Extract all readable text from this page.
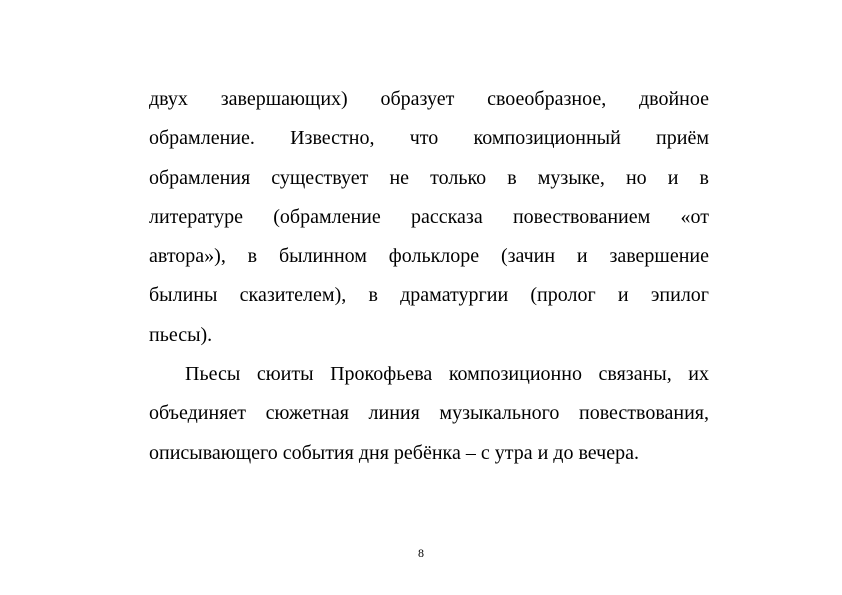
двух завершающих) образует своеобразное, двойное
обрамление. Известно, что композиционный приём
обрамления существует не только в музыке, но и в
литературе (обрамление рассказа повествованием «от
автора»), в былинном фольклоре (зачин и завершение
былины сказителем), в драматургии (пролог и эпилог
пьесы).
Пьесы сюиты Прокофьева композиционно связаны, их
объединяет сюжетная линия музыкального повествования,
описывающего события дня ребёнка – с утра и до вечера.
8
